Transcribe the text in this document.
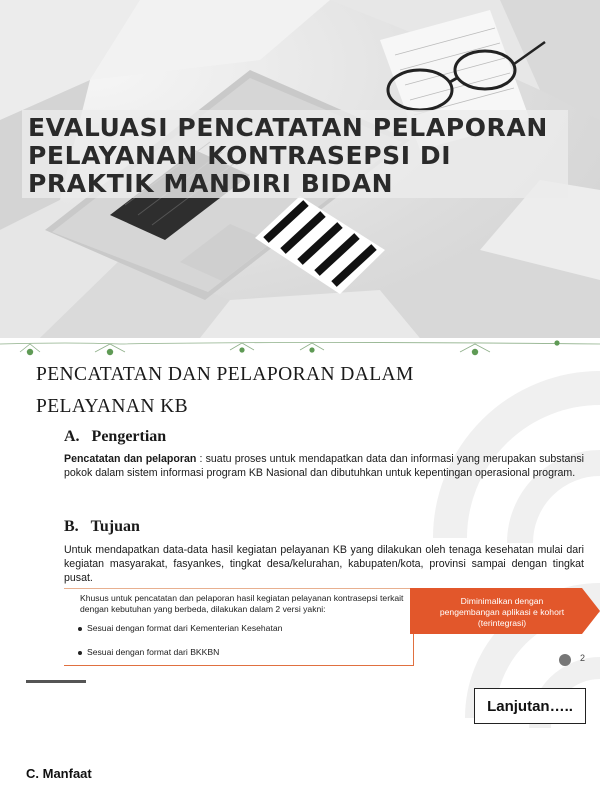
EVALUASI PENCATATAN PELAPORAN
PELAYANAN KONTRASEPSI DI
PRAKTIK MANDIRI BIDAN
PENCATATAN DAN PELAPORAN DALAM
PELAYANAN KB
A.   Pengertian
Pencatatan dan pelaporan : suatu proses untuk mendapatkan data dan informasi yang merupakan substansi pokok dalam sistem informasi program KB Nasional dan dibutuhkan untuk kepentingan operasional program.
B.   Tujuan
Untuk mendapatkan data-data hasil kegiatan pelayanan KB yang dilakukan oleh tenaga kesehatan mulai dari kegiatan masyarakat, fasyankes, tingkat desa/kelurahan, kabupaten/kota, provinsi sampai dengan tingkat pusat.
Khusus untuk pencatatan dan pelaporan hasil kegiatan pelayanan kontrasepsi terkait dengan kebutuhan yang berbeda, dilakukan dalam 2 versi yakni:
Sesuai dengan format dari Kementerian Kesehatan
Sesuai dengan format dari BKKBN
Diminimalkan dengan pengembangan aplikasi e kohort (terintegrasi)
2
Lanjutan…..
C. Manfaat
